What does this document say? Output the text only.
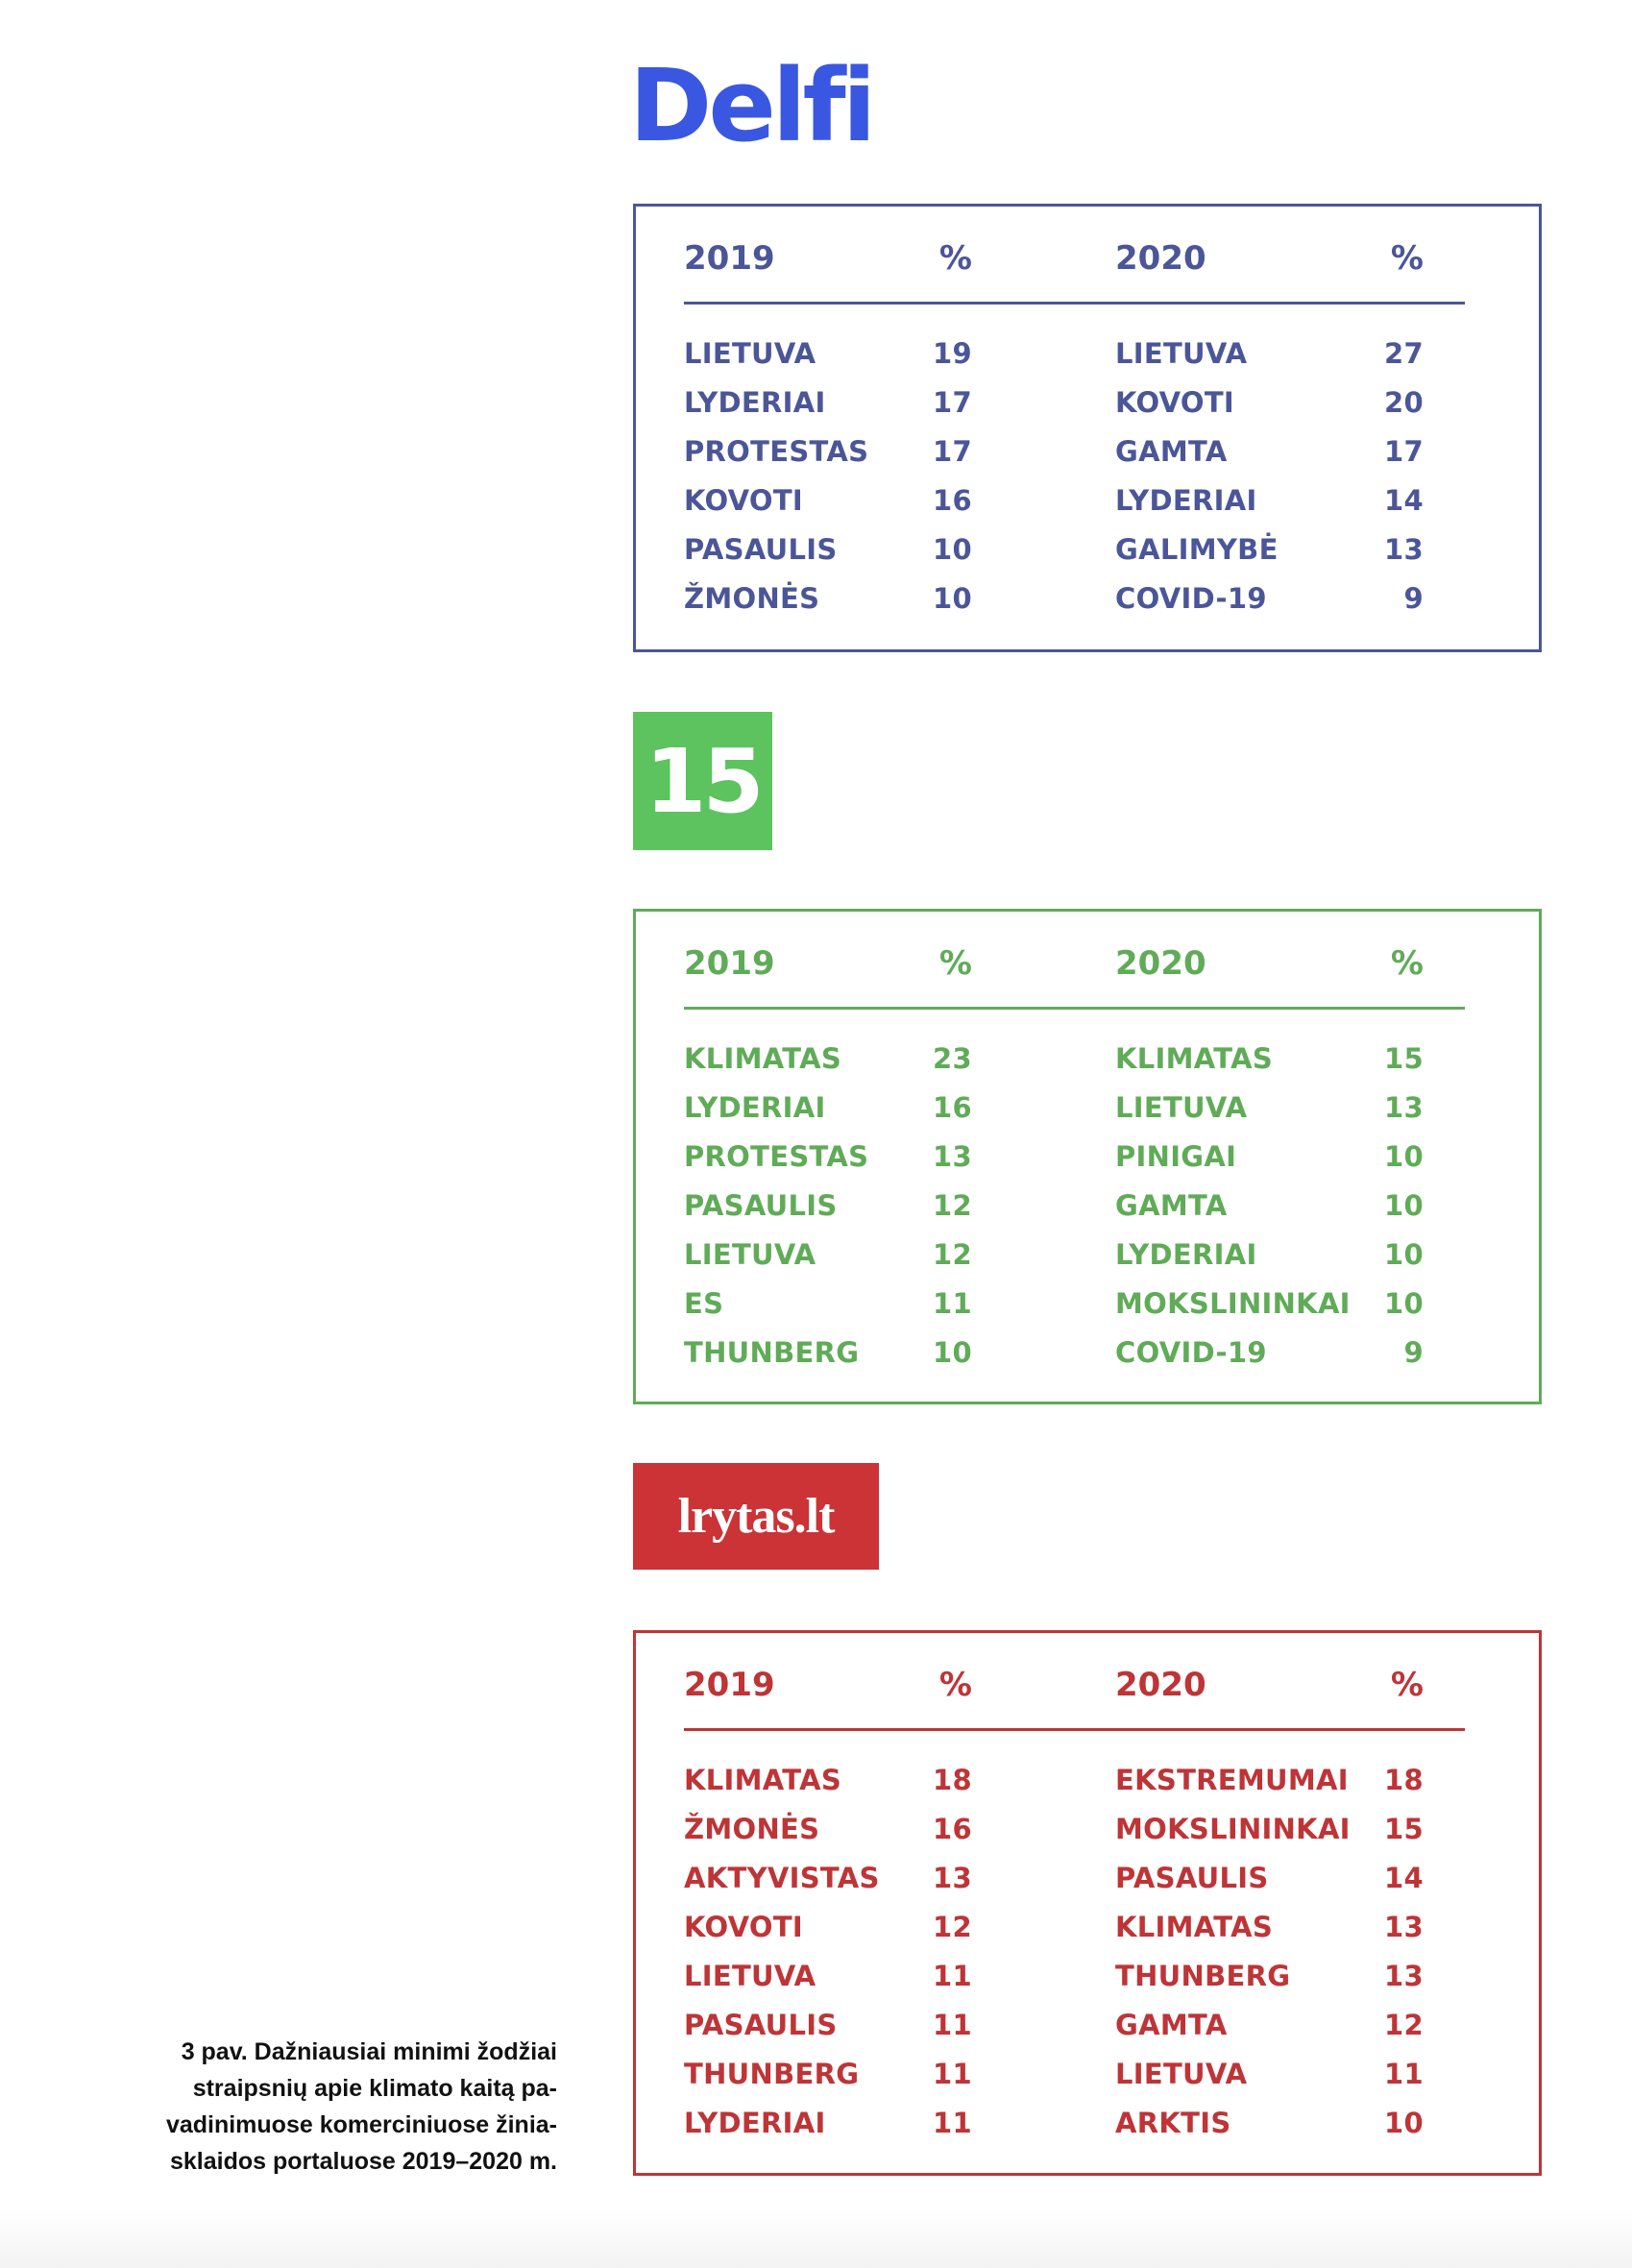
Delfi
2019	%	2020	%
LIETUVA	19	LIETUVA	27
LYDERIAI	17	KOVOTI	20
PROTESTAS	17	GAMTA	17
KOVOTI	16	LYDERIAI	14
PASAULIS	10	GALIMYBĖ	13
ŽMONĖS	10	COVID-19	9
15
2019	%	2020	%
KLIMATAS	23	KLIMATAS	15
LYDERIAI	16	LIETUVA	13
PROTESTAS	13	PINIGAI	10
PASAULIS	12	GAMTA	10
LIETUVA	12	LYDERIAI	10
ES	11	MOKSLININKAI	10
THUNBERG	10	COVID-19	9
lrytas.lt
2019	%	2020	%
KLIMATAS	18	EKSTREMUMAI	18
ŽMONĖS	16	MOKSLININKAI	15
AKTYVISTAS	13	PASAULIS	14
KOVOTI	12	KLIMATAS	13
LIETUVA	11	THUNBERG	13
PASAULIS	11	GAMTA	12
THUNBERG	11	LIETUVA	11
LYDERIAI	11	ARKTIS	10
3 pav. Dažniausiai minimi žodžiai
straipsnių apie klimato kaitą pa-
vadinimuose komerciniuose žinia-
sklaidos portaluose 2019–2020 m.
